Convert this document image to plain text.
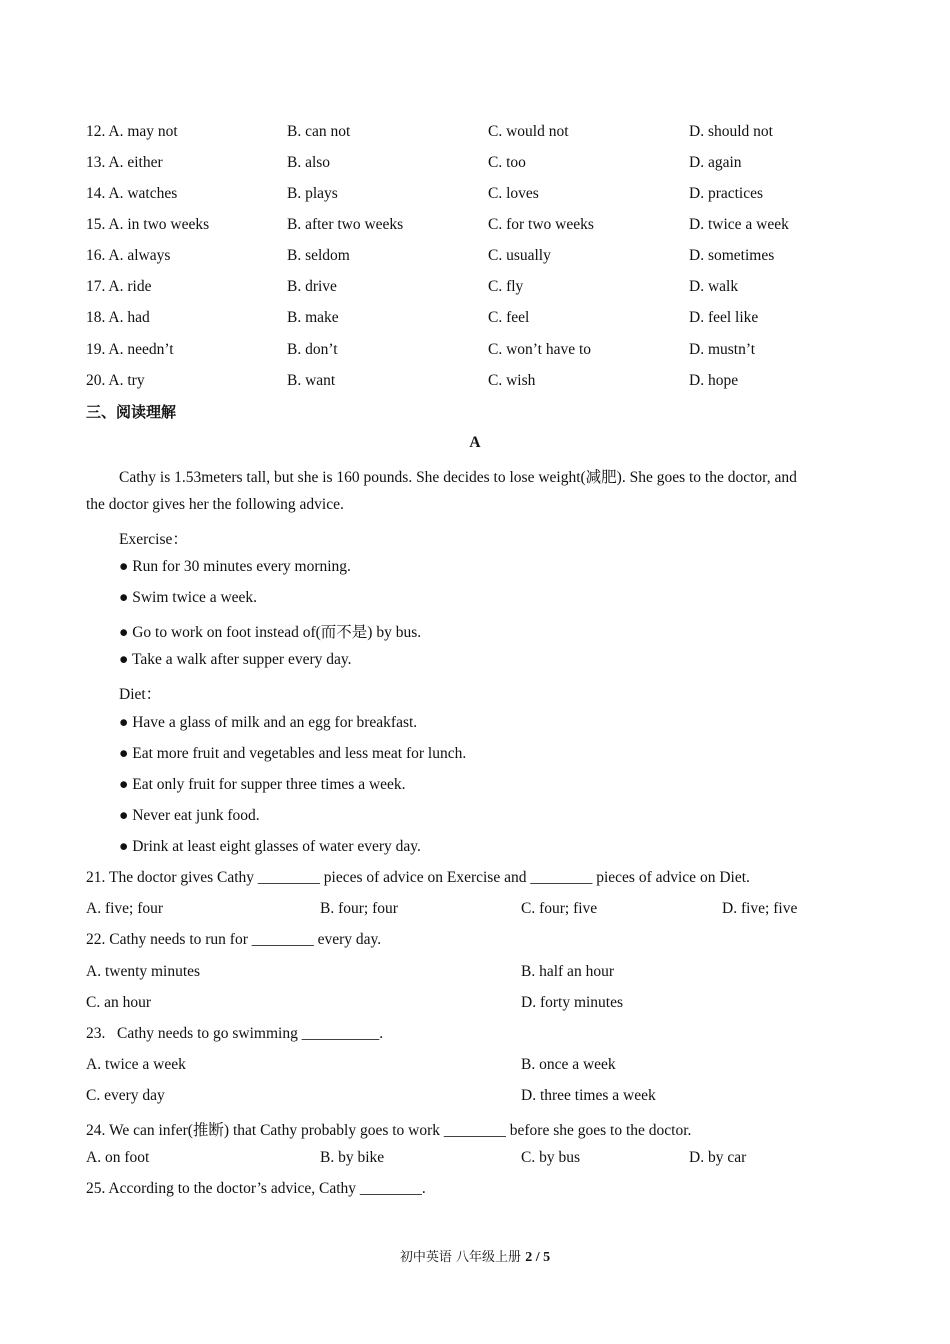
12. A. may not	B. can not	C. would not	D. should not
13. A. either	B. also	C. too	D. again
14. A. watches	B. plays	C. loves	D. practices
15. A. in two weeks	B. after two weeks	C. for two weeks	D. twice a week
16. A. always	B. seldom	C. usually	D. sometimes
17. A. ride	B. drive	C. fly	D. walk
18. A. had	B. make	C. feel	D. feel like
19. A. needn’t	B. don’t	C. won’t have to	D. mustn’t
20. A. try	B. want	C. wish	D. hope
三、阅读理解
A
Cathy is 1.53meters tall, but she is 160 pounds. She decides to lose weight(减肥). She goes to the doctor, and
the doctor gives her the following advice.
Exercise：
● Run for 30 minutes every morning.
● Swim twice a week.
● Go to work on foot instead of(而不是) by bus.
● Take a walk after supper every day.
Diet：
● Have a glass of milk and an egg for breakfast.
● Eat more fruit and vegetables and less meat for lunch.
● Eat only fruit for supper three times a week.
● Never eat junk food.
● Drink at least eight glasses of water every day.
21. The doctor gives Cathy ________ pieces of advice on Exercise and ________ pieces of advice on Diet.
A. five; four	B. four; four	C. four; five	D. five; five
22. Cathy needs to run for ________ every day.
A. twenty minutes	B. half an hour
C. an hour	D. forty minutes
23.   Cathy needs to go swimming __________.
A. twice a week	B. once a week
C. every day	D. three times a week
24. We can infer(推断) that Cathy probably goes to work ________ before she goes to the doctor.
A. on foot	B. by bike	C. by bus	D. by car
25. According to the doctor’s advice, Cathy ________.
初中英语 八年级上册 2 / 5
